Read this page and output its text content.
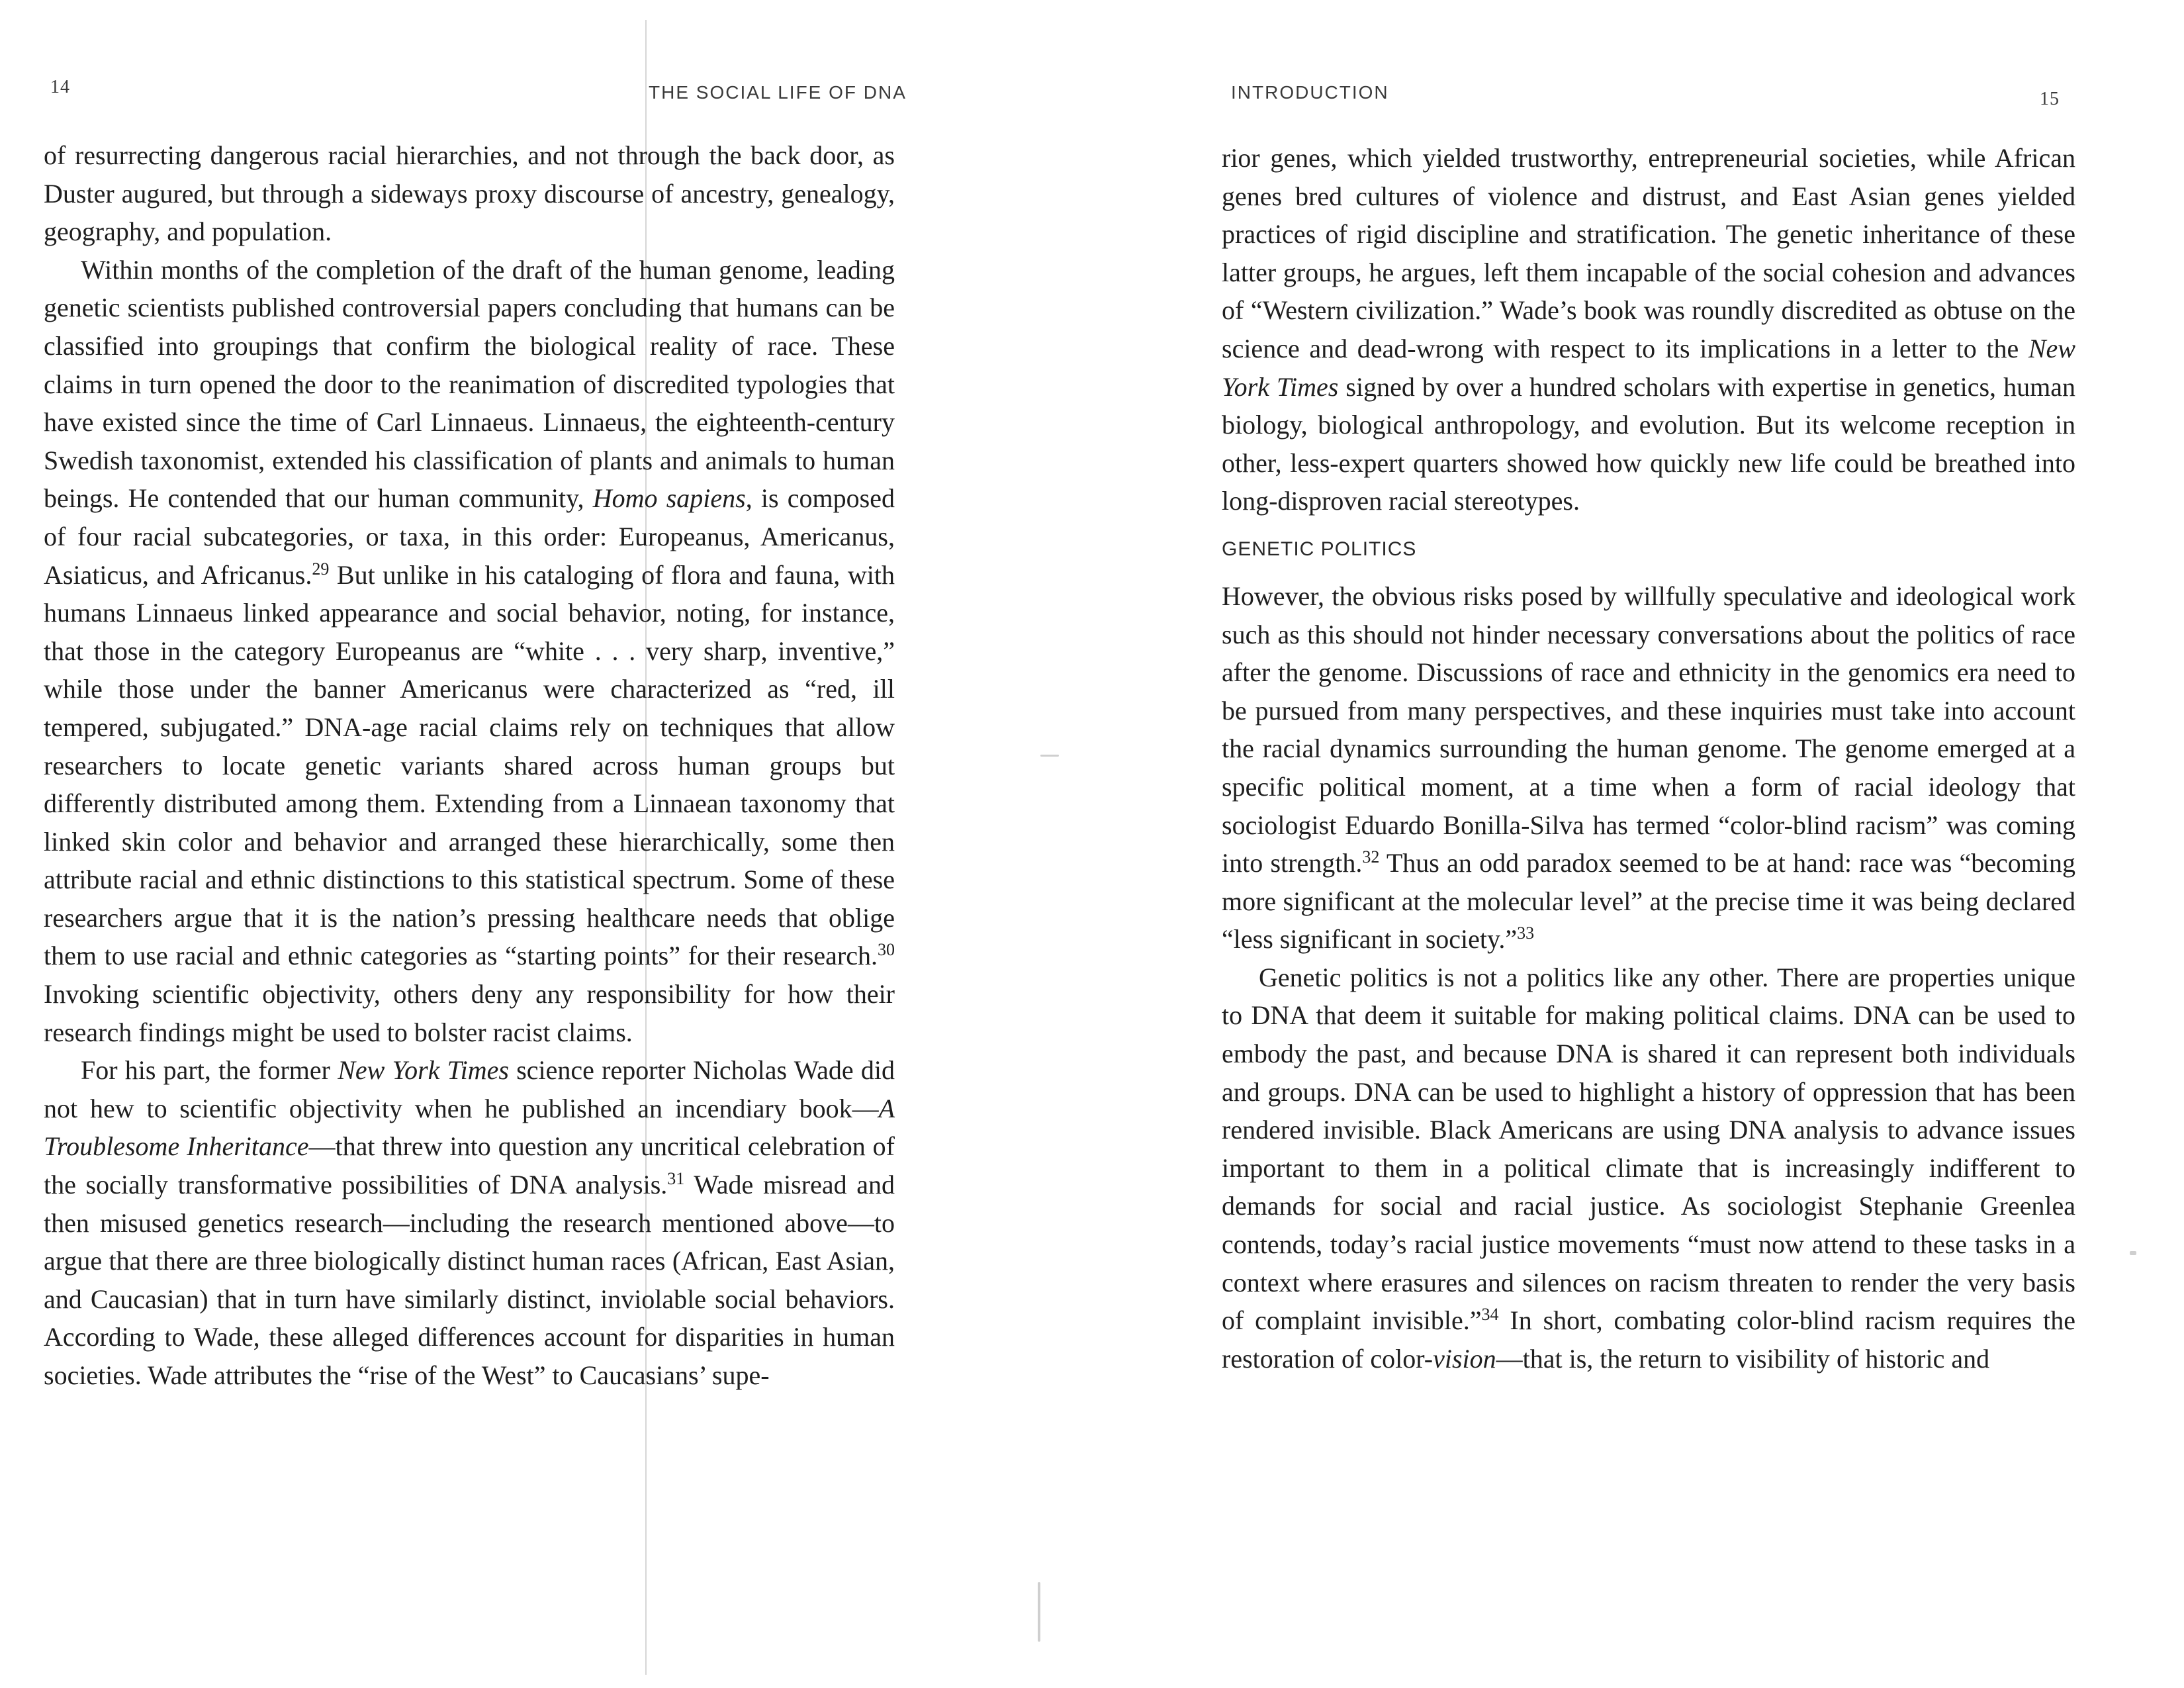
14	THE SOCIAL LIFE OF DNA

of resurrecting dangerous racial hierarchies, and not through the back door, as Duster augured, but through a sideways proxy discourse of ancestry, genealogy, geography, and population.

Within months of the completion of the draft of the human genome, leading genetic scientists published controversial papers concluding that humans can be classified into groupings that confirm the biological reality of race. These claims in turn opened the door to the reanimation of discredited typologies that have existed since the time of Carl Linnaeus. Linnaeus, the eighteenth-century Swedish taxonomist, extended his classification of plants and animals to human beings. He contended that our human community, Homo sapiens, is composed of four racial subcategories, or taxa, in this order: Europeanus, Americanus, Asiaticus, and Africanus.$^{29}$ But unlike in his cataloging of flora and fauna, with humans Linnaeus linked appearance and social behavior, noting, for instance, that those in the category Europeanus are “white . . . very sharp, inventive,” while those under the banner Americanus were characterized as “red, ill tempered, subjugated.” DNA-age racial claims rely on techniques that allow researchers to locate genetic variants shared across human groups but differently distributed among them. Extending from a Linnaean taxonomy that linked skin color and behavior and arranged these hierarchically, some then attribute racial and ethnic distinctions to this statistical spectrum. Some of these researchers argue that it is the nation’s pressing healthcare needs that oblige them to use racial and ethnic categories as “starting points” for their research.$^{30}$ Invoking scientific objectivity, others deny any responsibility for how their research findings might be used to bolster racist claims.

For his part, the former New York Times science reporter Nicholas Wade did not hew to scientific objectivity when he published an incendiary book—A Troublesome Inheritance—that threw into question any uncritical celebration of the socially transformative possibilities of DNA analysis.$^{31}$ Wade misread and then misused genetics research—including the research mentioned above—to argue that there are three biologically distinct human races (African, East Asian, and Caucasian) that in turn have similarly distinct, inviolable social behaviors. According to Wade, these alleged differences account for disparities in human societies. Wade attributes the “rise of the West” to Caucasians’ supe-

INTRODUCTION	15

rior genes, which yielded trustworthy, entrepreneurial societies, while African genes bred cultures of violence and distrust, and East Asian genes yielded practices of rigid discipline and stratification. The genetic inheritance of these latter groups, he argues, left them incapable of the social cohesion and advances of “Western civilization.” Wade’s book was roundly discredited as obtuse on the science and dead-wrong with respect to its implications in a letter to the New York Times signed by over a hundred scholars with expertise in genetics, human biology, biological anthropology, and evolution. But its welcome reception in other, less-expert quarters showed how quickly new life could be breathed into long-disproven racial stereotypes.

GENETIC POLITICS

However, the obvious risks posed by willfully speculative and ideological work such as this should not hinder necessary conversations about the politics of race after the genome. Discussions of race and ethnicity in the genomics era need to be pursued from many perspectives, and these inquiries must take into account the racial dynamics surrounding the human genome. The genome emerged at a specific political moment, at a time when a form of racial ideology that sociologist Eduardo Bonilla-Silva has termed “color-blind racism” was coming into strength.$^{32}$ Thus an odd paradox seemed to be at hand: race was “becoming more significant at the molecular level” at the precise time it was being declared “less significant in society.”$^{33}$

Genetic politics is not a politics like any other. There are properties unique to DNA that deem it suitable for making political claims. DNA can be used to embody the past, and because DNA is shared it can represent both individuals and groups. DNA can be used to highlight a history of oppression that has been rendered invisible. Black Americans are using DNA analysis to advance issues important to them in a political climate that is increasingly indifferent to demands for social and racial justice. As sociologist Stephanie Greenlea contends, today’s racial justice movements “must now attend to these tasks in a context where erasures and silences on racism threaten to render the very basis of complaint invisible.”$^{34}$ In short, combating color-blind racism requires the restoration of color-vision—that is, the return to visibility of historic and
